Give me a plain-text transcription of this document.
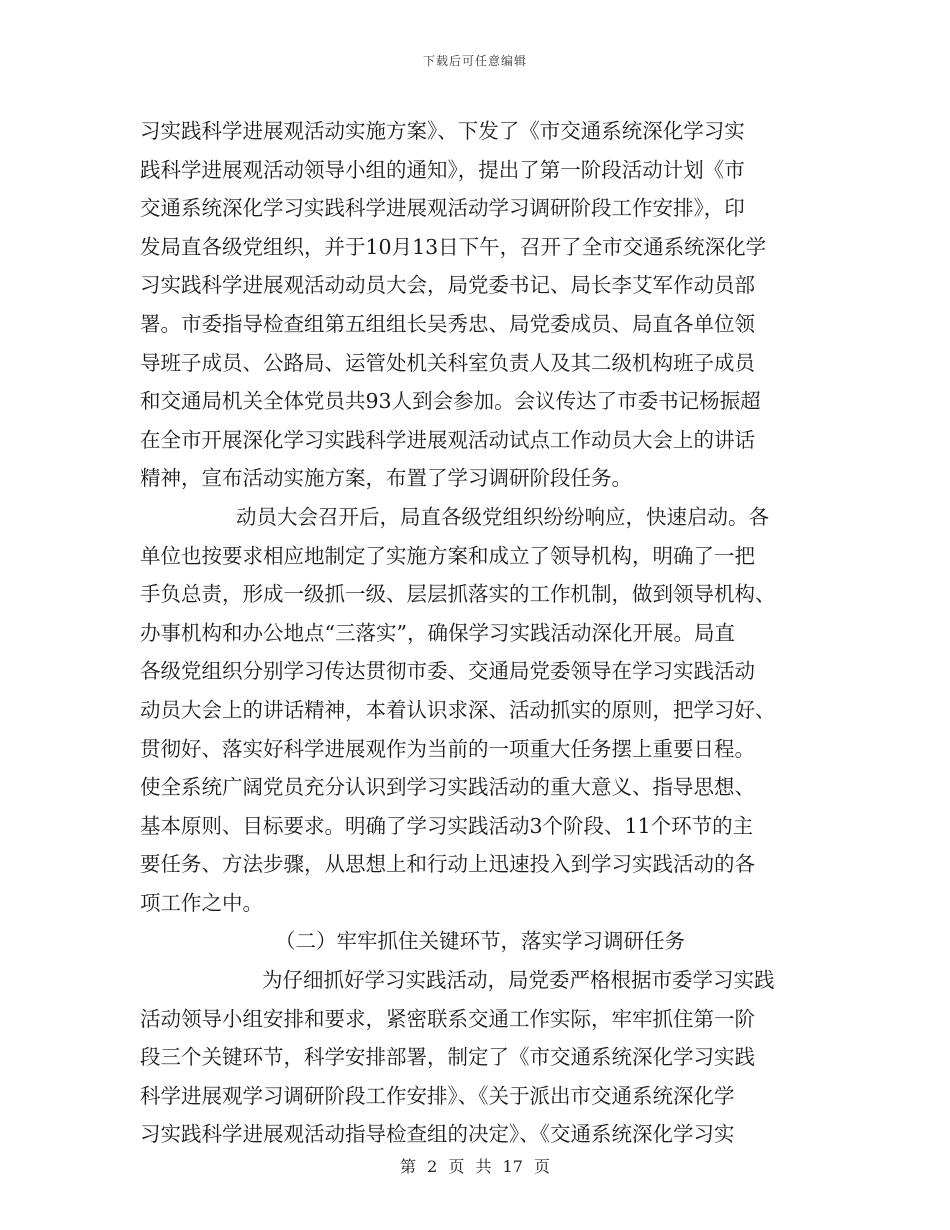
下载后可任意编辑
习实践科学进展观活动实施方案》、下发了《市交通系统深化学习实
践科学进展观活动领导小组的通知》，提出了第一阶段活动计划《市
交通系统深化学习实践科学进展观活动学习调研阶段工作安排》，印
发局直各级党组织，并于10月13日下午，召开了全市交通系统深化学
习实践科学进展观活动动员大会，局党委书记、局长李艾军作动员部
署。市委指导检查组第五组组长吴秀忠、局党委成员、局直各单位领
导班子成员、公路局、运管处机关科室负责人及其二级机构班子成员
和交通局机关全体党员共93人到会参加。会议传达了市委书记杨振超
在全市开展深化学习实践科学进展观活动试点工作动员大会上的讲话
精神，宣布活动实施方案，布置了学习调研阶段任务。
动员大会召开后，局直各级党组织纷纷响应，快速启动。各
单位也按要求相应地制定了实施方案和成立了领导机构，明确了一把
手负总责，形成一级抓一级、层层抓落实的工作机制，做到领导机构、
办事机构和办公地点“三落实”，确保学习实践活动深化开展。局直
各级党组织分别学习传达贯彻市委、交通局党委领导在学习实践活动
动员大会上的讲话精神，本着认识求深、活动抓实的原则，把学习好、
贯彻好、落实好科学进展观作为当前的一项重大任务摆上重要日程。
使全系统广阔党员充分认识到学习实践活动的重大意义、指导思想、
基本原则、目标要求。明确了学习实践活动3个阶段、11个环节的主
要任务、方法步骤，从思想上和行动上迅速投入到学习实践活动的各
项工作之中。
（二）牢牢抓住关键环节，落实学习调研任务
为仔细抓好学习实践活动，局党委严格根据市委学习实践
活动领导小组安排和要求，紧密联系交通工作实际，牢牢抓住第一阶
段三个关键环节，科学安排部署，制定了《市交通系统深化学习实践
科学进展观学习调研阶段工作安排》、《关于派出市交通系统深化学
习实践科学进展观活动指导检查组的决定》、《交通系统深化学习实
第 2 页 共 17 页
